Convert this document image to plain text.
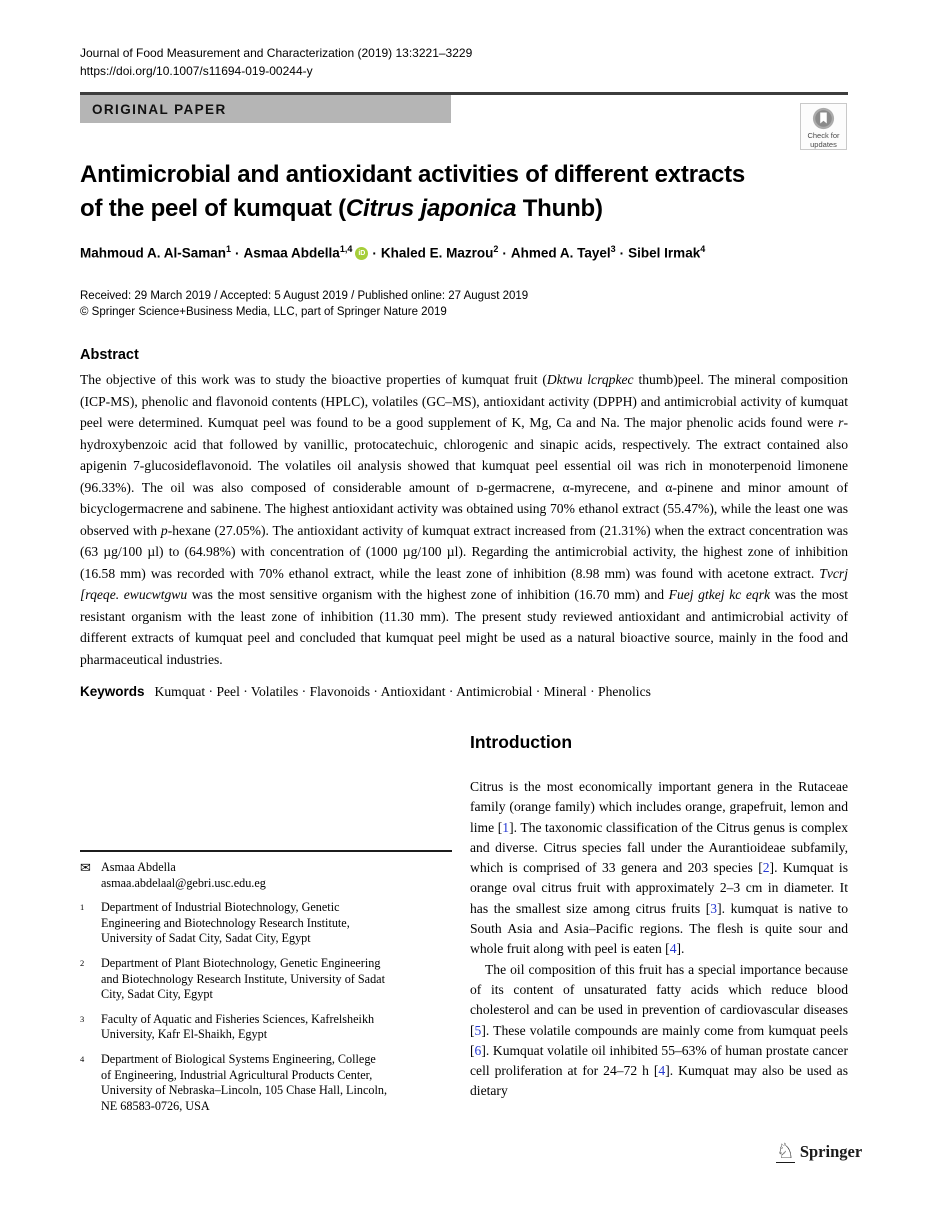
Journal of Food Measurement and Characterization (2019) 13:3221–3229
https://doi.org/10.1007/s11694-019-00244-y
ORIGINAL PAPER
Check for
updates
Antimicrobial and antioxidant activities of different extracts
of the peel of kumquat (Citrus japonica Thunb)
Mahmoud A. Al-Saman$^1$ · Asmaa Abdella$^{1,4}$ iD · Khaled E. Mazrou$^2$ · Ahmed A. Tayel$^3$ · Sibel Irmak$^4$
Received: 29 March 2019 / Accepted: 5 August 2019 / Published online: 27 August 2019
© Springer Science+Business Media, LLC, part of Springer Nature 2019
Abstract

The objective of this work was to study the bioactive properties of kumquat fruit (Dktwu lcrqpkec thumb)peel. The mineral composition (ICP-MS), phenolic and flavonoid contents (HPLC), volatiles (GC–MS), antioxidant activity (DPPH) and antimicrobial activity of kumquat peel were determined. Kumquat peel was found to be a good supplement of K, Mg, Ca and Na. The major phenolic acids found were r-hydroxybenzoic acid that followed by vanillic, protocatechuic, chlorogenic and sinapic acids, respectively. The extract contained also apigenin 7-glucosideflavonoid. The volatiles oil analysis showed that kumquat peel essential oil was rich in monoterpenoid limonene (96.33%). The oil was also composed of considerable amount of ᴅ-germacrene, α-myrecene, and α-pinene and minor amount of bicyclogermacrene and sabinene. The highest antioxidant activity was obtained using 70% ethanol extract (55.47%), while the least one was observed with p-hexane (27.05%). The antioxidant activity of kumquat extract increased from (21.31%) when the extract concentration was (63 µg/100 µl) to (64.98%) with concentration of (1000 µg/100 µl). Regarding the antimicrobial activity, the highest zone of inhibition (16.58 mm) was recorded with 70% ethanol extract, while the least zone of inhibition (8.98 mm) was found with acetone extract. Tvcrj [rqeqe. ewucwtgwu was the most sensitive organism with the highest zone of inhibition (16.70 mm) and Fuej gtkej kc eqrk was the most resistant organism with the least zone of inhibition (11.30 mm). The present study reviewed antioxidant and antimicrobial activity of different extracts of kumquat peel and concluded that kumquat peel might be used as a natural bioactive source, mainly in the food and pharmaceutical industries.

Keywords Kumquat · Peel · Volatiles · Flavonoids · Antioxidant · Antimicrobial · Mineral · Phenolics
✉ Asmaa Abdella
asmaa.abdelaal@gebri.usc.edu.eg
1	Department of Industrial Biotechnology, Genetic
Engineering and Biotechnology Research Institute,
University of Sadat City, Sadat City, Egypt
2	Department of Plant Biotechnology, Genetic Engineering
and Biotechnology Research Institute, University of Sadat
City, Sadat City, Egypt
3	Faculty of Aquatic and Fisheries Sciences, Kafrelsheikh
University, Kafr El-Shaikh, Egypt
4	Department of Biological Systems Engineering, College
of Engineering, Industrial Agricultural Products Center,
University of Nebraska–Lincoln, 105 Chase Hall, Lincoln,
NE 68583-0726, USA
Introduction

Citrus is the most economically important genera in the Rutaceae family (orange family) which includes orange, grapefruit, lemon and lime [1]. The taxonomic classification of the Citrus genus is complex and diverse. Citrus species fall under the Aurantioideae subfamily, which is comprised of 33 genera and 203 species [2]. Kumquat is orange oval citrus fruit with approximately 2–3 cm in diameter. It has the smallest size among citrus fruits [3]. kumquat is native to South Asia and Asia–Pacific regions. The flesh is quite sour and whole fruit along with peel is eaten [4].

The oil composition of this fruit has a special importance because of its content of unsaturated fatty acids which reduce blood cholesterol and can be used in prevention of cardiovascular diseases [5]. These volatile compounds are mainly come from kumquat peels [6]. Kumquat volatile oil inhibited 55–63% of human prostate cancer cell proliferation at for 24–72 h [4]. Kumquat may also be used as dietary

♘ Springer
